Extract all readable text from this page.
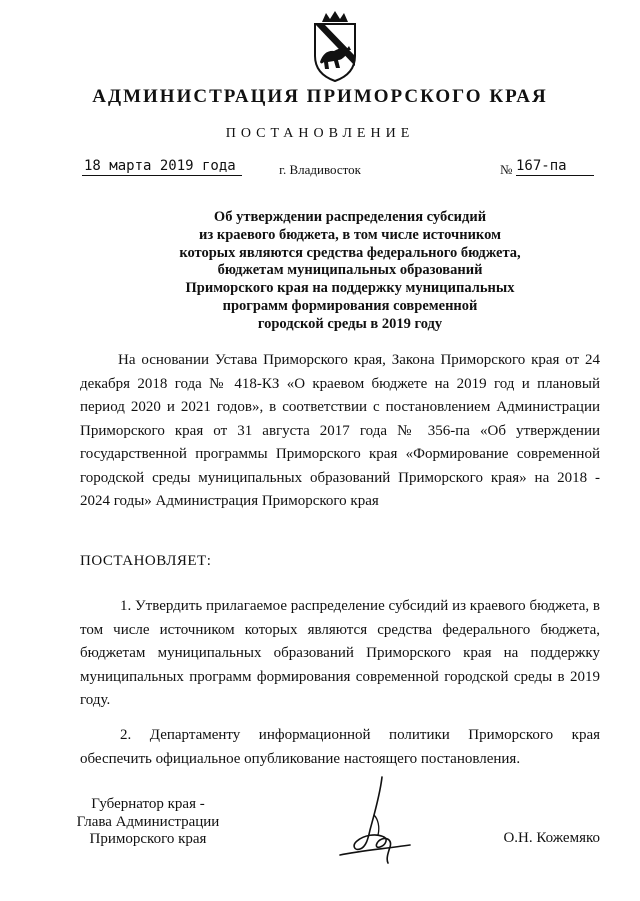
АДМИНИСТРАЦИЯ ПРИМОРСКОГО КРАЯ
ПОСТАНОВЛЕНИЕ
18 марта 2019 года	г. Владивосток	№ 167-па
Об утверждении распределения субсидий
из краевого бюджета, в том числе источником
которых являются средства федерального бюджета,
бюджетам муниципальных образований
Приморского края на поддержку муниципальных
программ формирования современной
городской среды в 2019 году
На основании Устава Приморского края, Закона Приморского края от 24 декабря 2018 года № 418-КЗ «О краевом бюджете на 2019 год и плановый период 2020 и 2021 годов», в соответствии с постановлением Администрации Приморского края от 31 августа 2017 года № 356-па «Об утверждении государственной программы Приморского края «Формирование современной городской среды муниципальных образований Приморского края» на 2018 - 2024 годы» Администрация Приморского края
ПОСТАНОВЛЯЕТ:
1. Утвердить прилагаемое распределение субсидий из краевого бюджета, в том числе источником которых являются средства федерального бюджета, бюджетам муниципальных образований Приморского края на поддержку муниципальных программ формирования современной городской среды в 2019 году.
2. Департаменту информационной политики Приморского края обеспечить официальное опубликование настоящего постановления.
Губернатор края -
Глава Администрации
Приморского края	О.Н. Кожемяко
